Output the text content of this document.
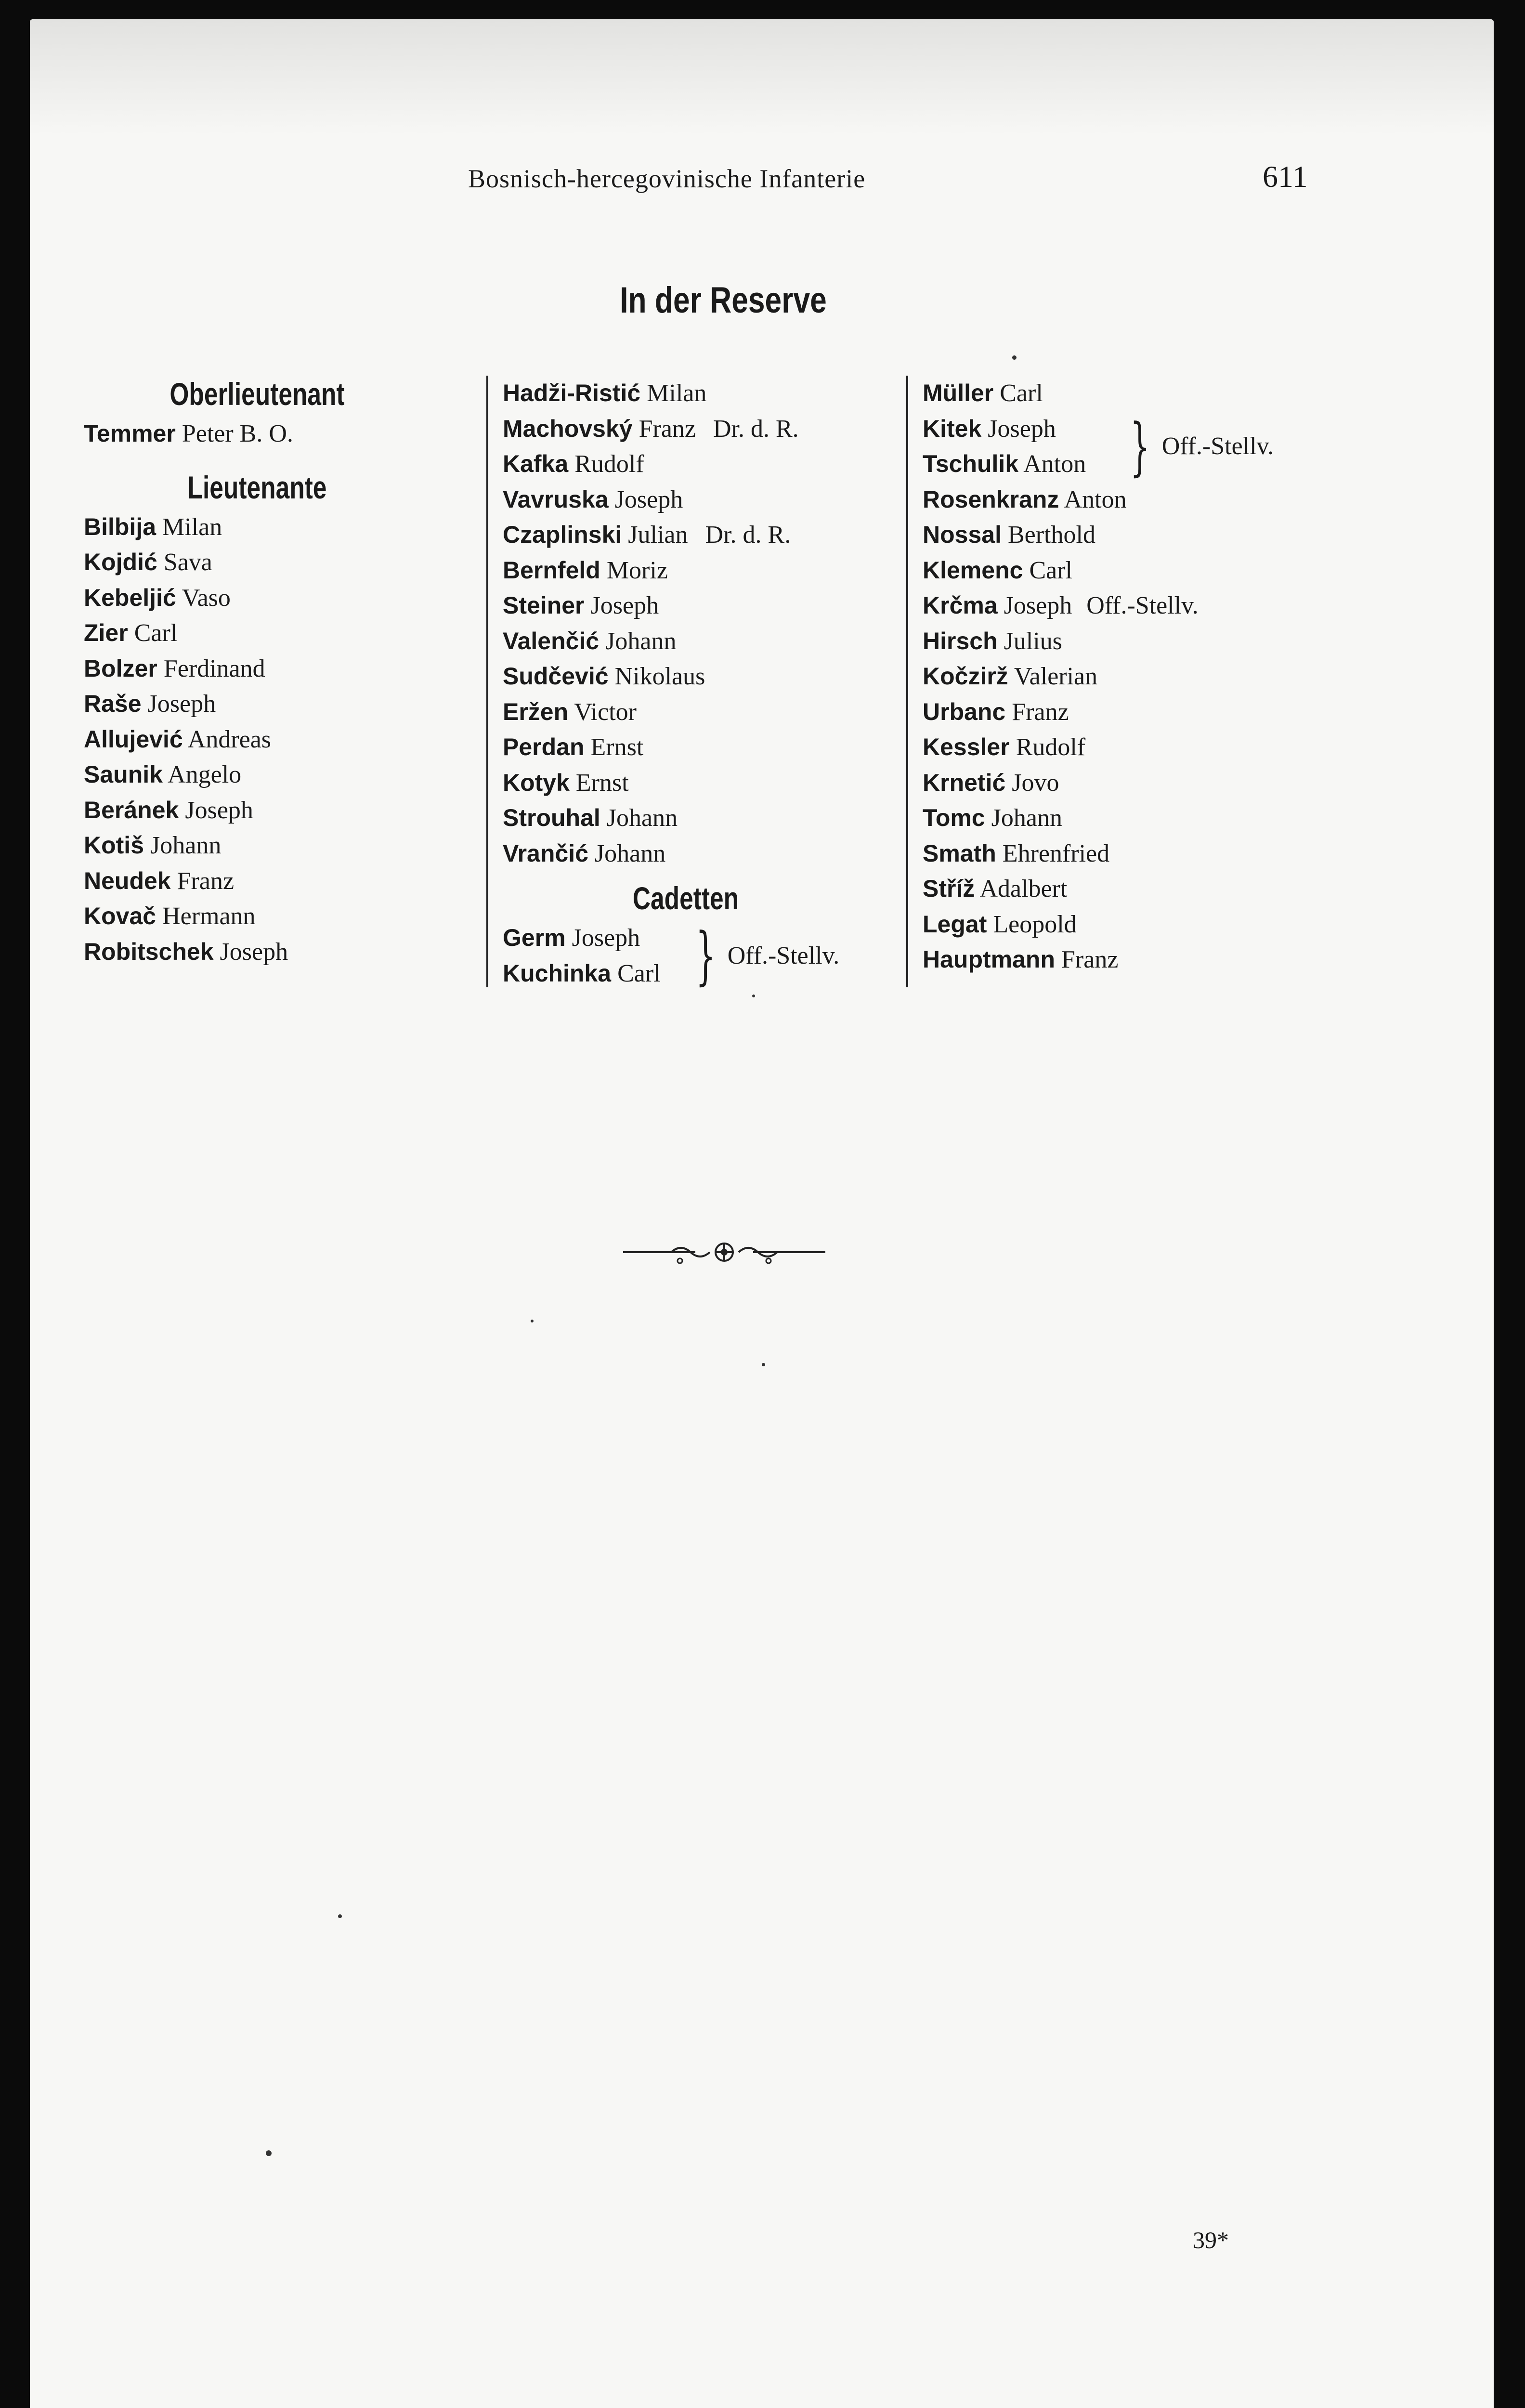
Bosnisch-hercegovinische Infanterie	611
In der Reserve
Oberlieutenant
Temmer Peter B. O.
Lieutenante
Bilbija Milan
Kojdić Sava
Kebeljić Vaso
Zier Carl
Bolzer Ferdinand
Raše Joseph
Allujević Andreas
Saunik Angelo
Beránek Joseph
Kotiš Johann
Neudek Franz
Kovač Hermann
Robitschek Joseph
Hadži-Ristić Milan
Machovský Franz Dr. d. R.
Kafka Rudolf
Vavruska Joseph
Czaplinski Julian Dr. d. R.
Bernfeld Moriz
Steiner Joseph
Valenčić Johann
Sudčević Nikolaus
Eržen Victor
Perdan Ernst
Kotyk Ernst
Strouhal Johann
Vrančić Johann
Cadetten
Germ Joseph
Kuchinka Carl } Off.-Stellv.
Müller Carl
Kitek Joseph
Tschulik Anton } Off.-Stellv.
Rosenkranz Anton
Nossal Berthold
Klemenc Carl
Krčma Joseph Off.-Stellv.
Hirsch Julius
Kočzirž Valerian
Urbanc Franz
Kessler Rudolf
Krnetić Jovo
Tomc Johann
Smath Ehrenfried
Stříž Adalbert
Legat Leopold
Hauptmann Franz
39*
